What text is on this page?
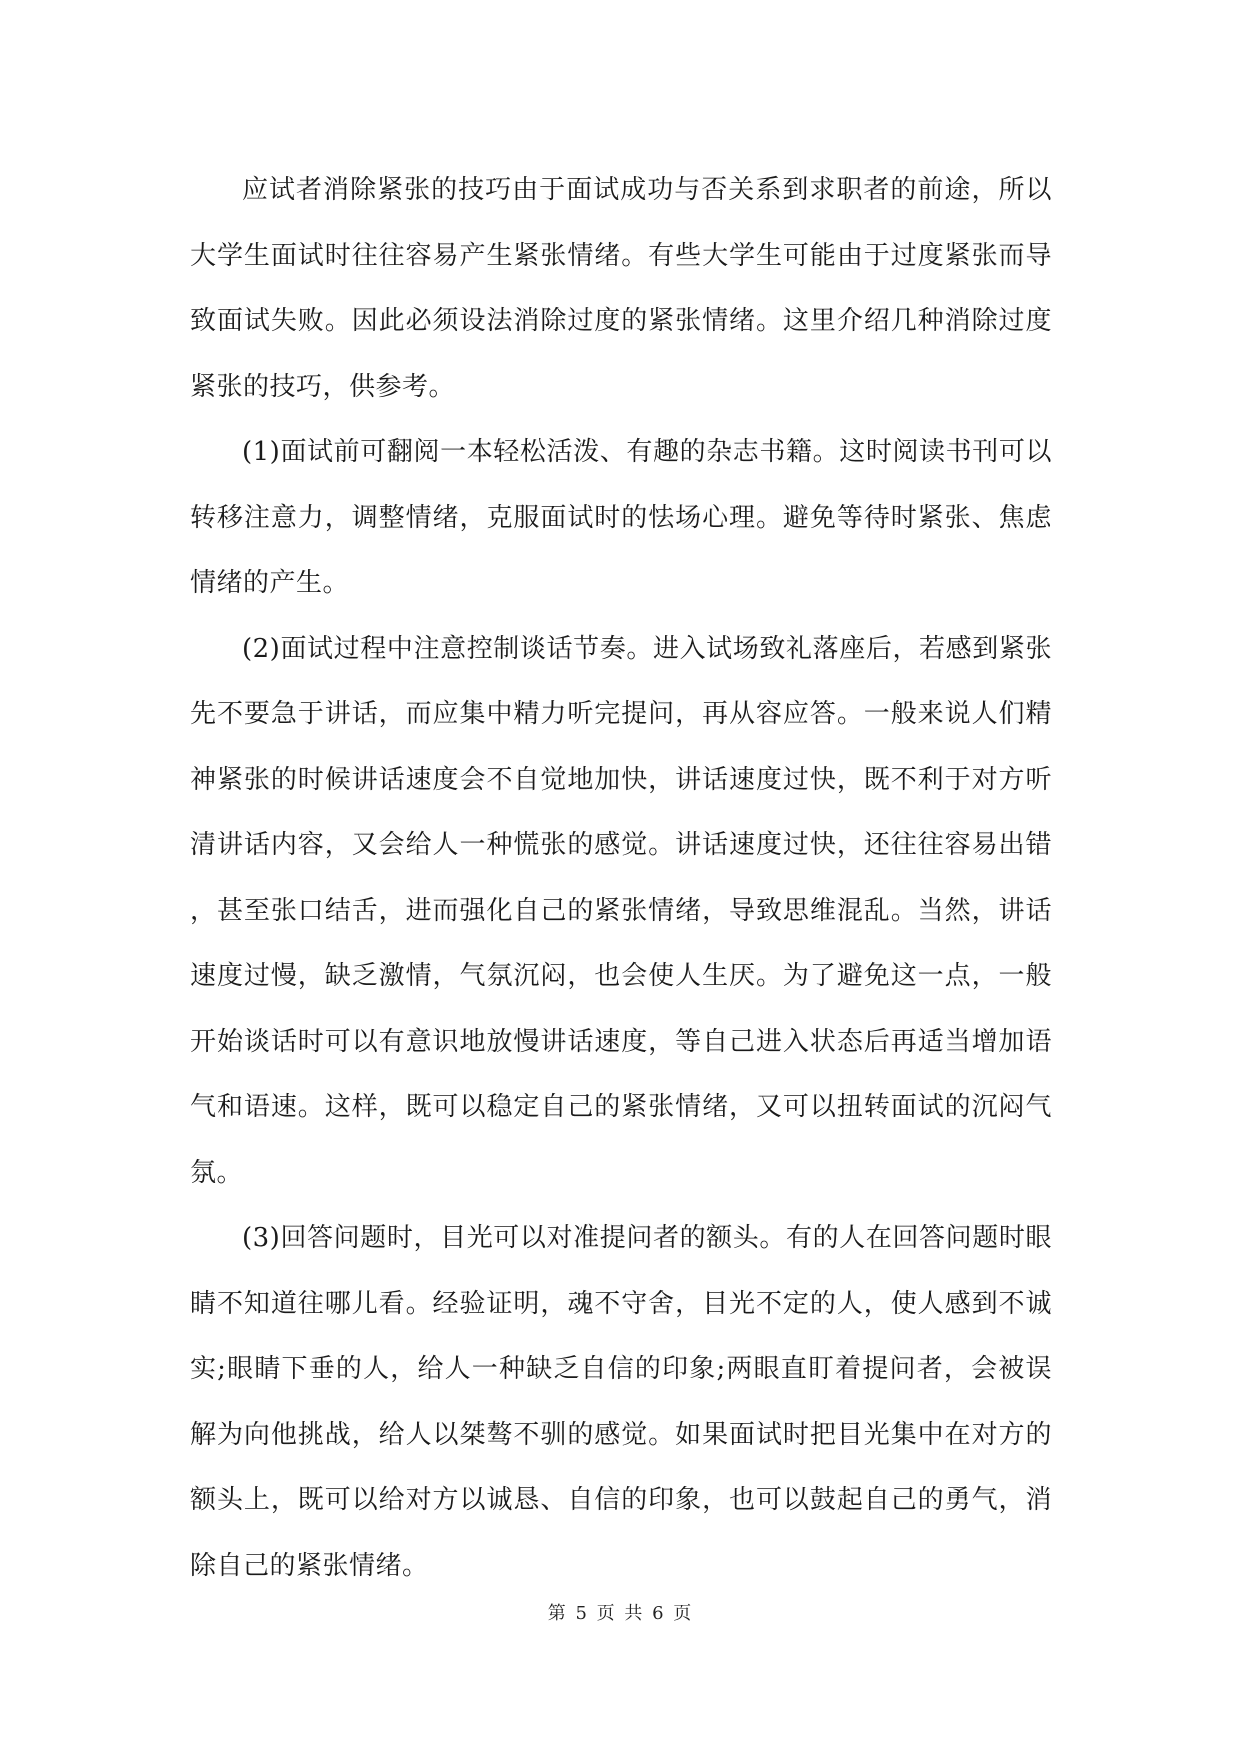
应试者消除紧张的技巧由于面试成功与否关系到求职者的前途，所以大学生面试时往往容易产生紧张情绪。有些大学生可能由于过度紧张而导致面试失败。因此必须设法消除过度的紧张情绪。这里介绍几种消除过度紧张的技巧，供参考。

(1)面试前可翻阅一本轻松活泼、有趣的杂志书籍。这时阅读书刊可以转移注意力，调整情绪，克服面试时的怯场心理。避免等待时紧张、焦虑情绪的产生。

(2)面试过程中注意控制谈话节奏。进入试场致礼落座后，若感到紧张先不要急于讲话，而应集中精力听完提问，再从容应答。一般来说人们精神紧张的时候讲话速度会不自觉地加快，讲话速度过快，既不利于对方听清讲话内容，又会给人一种慌张的感觉。讲话速度过快，还往往容易出错，甚至张口结舌，进而强化自己的紧张情绪，导致思维混乱。当然，讲话速度过慢，缺乏激情，气氛沉闷，也会使人生厌。为了避免这一点，一般开始谈话时可以有意识地放慢讲话速度，等自己进入状态后再适当增加语气和语速。这样，既可以稳定自己的紧张情绪，又可以扭转面试的沉闷气氛。

(3)回答问题时，目光可以对准提问者的额头。有的人在回答问题时眼睛不知道往哪儿看。经验证明，魂不守舍，目光不定的人，使人感到不诚实;眼睛下垂的人，给人一种缺乏自信的印象;两眼直盯着提问者，会被误解为向他挑战，给人以桀骜不驯的感觉。如果面试时把目光集中在对方的额头上，既可以给对方以诚恳、自信的印象，也可以鼓起自己的勇气，消除自己的紧张情绪。

第 5 页 共 6 页
